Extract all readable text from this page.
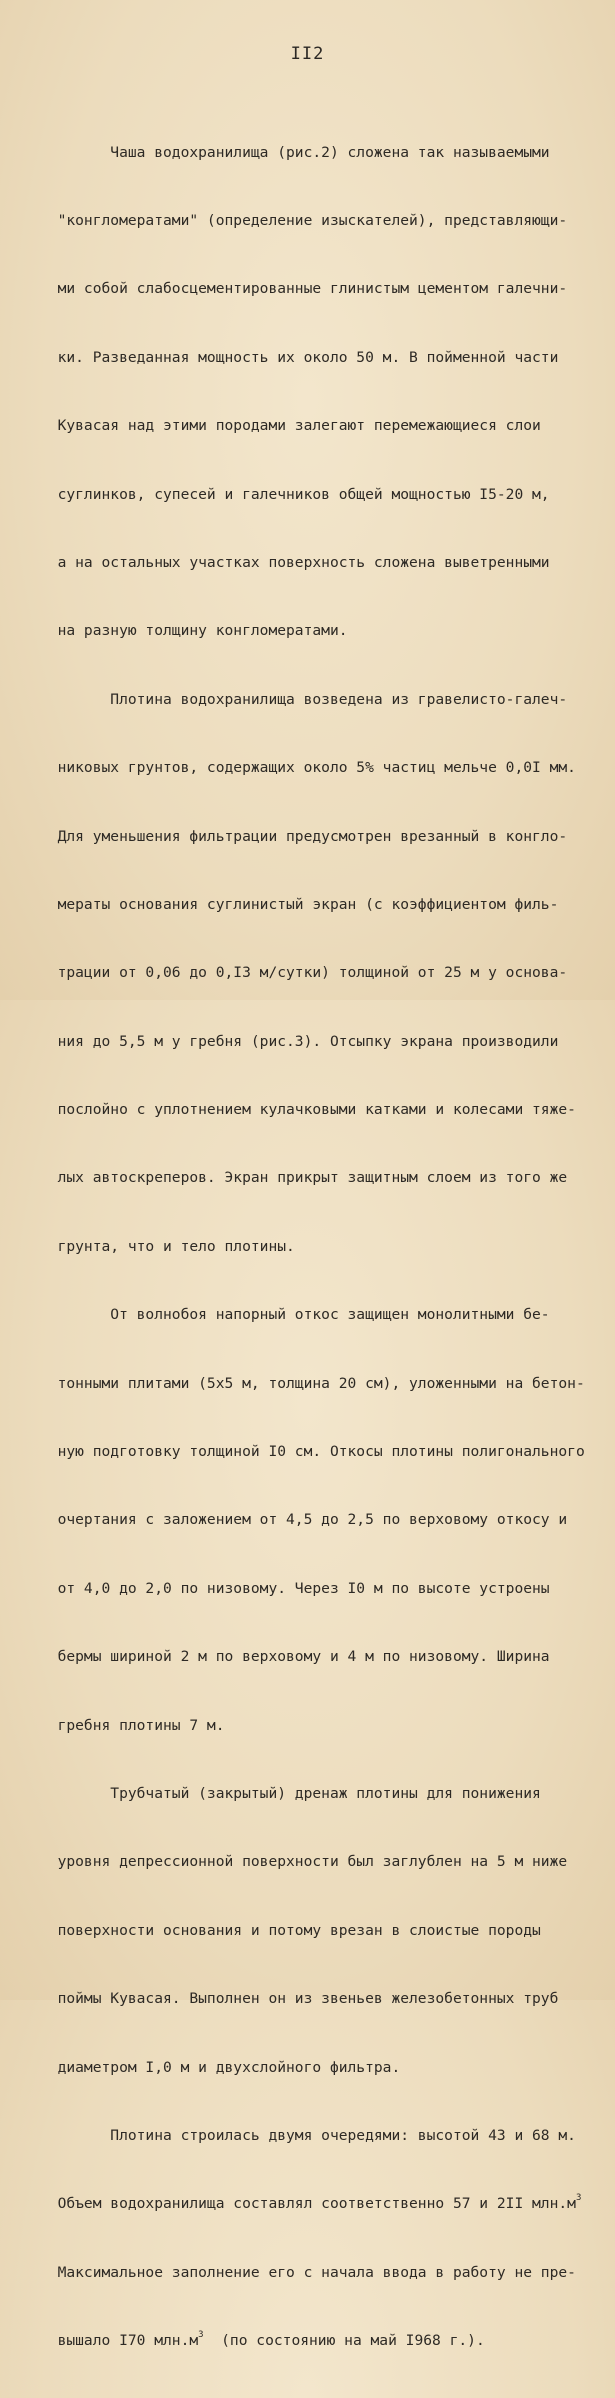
ІІ2

Чаша водохранилища (рис.2) сложена так называемыми

"конгломератами" (определение изыскателей), представляющи-

ми собой слабосцементированные глинистым цементом галечни-

ки. Разведанная мощность их около 50 м. В пойменной части

Кувасая над этими породами залегают перемежающиеся слои

суглинков, супесей и галечников общей мощностью І5-20 м,

а на остальных участках поверхность сложена выветренными

на разную толщину конгломератами.

Плотина водохранилища возведена из гравелисто-галеч-

никовых грунтов, содержащих около 5% частиц мельче 0,0І мм.

Для уменьшения фильтрации предусмотрен врезанный в конгло-

мераты основания суглинистый экран (с коэффициентом филь-

трации от 0,06 до 0,І3 м/сутки) толщиной от 25 м у основа-

ния до 5,5 м у гребня (рис.3). Отсыпку экрана производили

послойно с уплотнением кулачковыми катками и колесами тяже-

лых автоскреперов. Экран прикрыт защитным слоем из того же

грунта, что и тело плотины.

От волнобоя напорный откос защищен монолитными бе-

тонными плитами (5х5 м, толщина 20 см), уложенными на бетон-

ную подготовку толщиной І0 см. Откосы плотины полигонального

очертания с заложением от 4,5 до 2,5 по верховому откосу и

от 4,0 до 2,0 по низовому. Через І0 м по высоте устроены

бермы шириной 2 м по верховому и 4 м по низовому. Ширина

гребня плотины 7 м.

Трубчатый (закрытый) дренаж плотины для понижения

уровня депрессионной поверхности был заглублен на 5 м ниже

поверхности основания и потому врезан в слоистые породы

поймы Кувасая. Выполнен он из звеньев железобетонных труб

диаметром І,0 м и двухслойного фильтра.

Плотина строилась двумя очередями: высотой 43 и 68 м.

Объем водохранилища составлял соответственно 57 и 2ІІ $млн.м^3$

Максимальное заполнение его с начала ввода в работу не пре-

вышало І70 $млн.м^3$  (по состоянию на май І968 г.).
